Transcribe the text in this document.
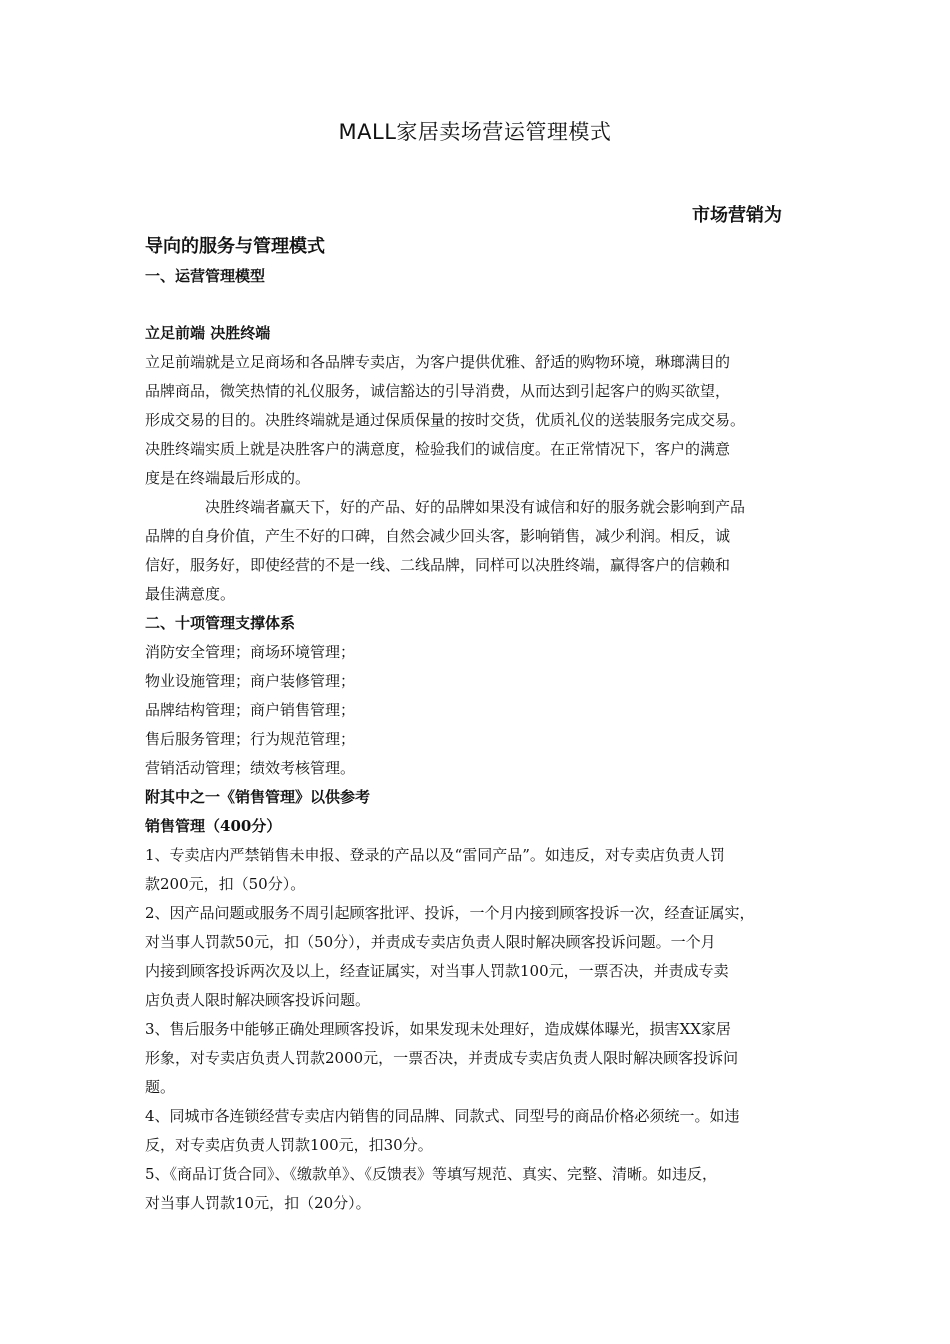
MALL家居卖场营运管理模式
市场营销为
导向的服务与管理模式
一、运营管理模型
立足前端 决胜终端
立足前端就是立足商场和各品牌专卖店，为客户提供优雅、舒适的购物环境，琳瑯满目的
品牌商品，微笑热情的礼仪服务，诚信豁达的引导消费，从而达到引起客户的购买欲望，
形成交易的目的。决胜终端就是通过保质保量的按时交货，优质礼仪的送装服务完成交易。
决胜终端实质上就是决胜客户的满意度，检验我们的诚信度。在正常情况下，客户的满意
度是在终端最后形成的。
决胜终端者赢天下，好的产品、好的品牌如果没有诚信和好的服务就会影响到产品
品牌的自身价值，产生不好的口碑，自然会减少回头客，影响销售，减少利润。相反，诚
信好，服务好，即使经营的不是一线、二线品牌，同样可以决胜终端，赢得客户的信赖和
最佳满意度。
二、十项管理支撑体系
消防安全管理；商场环境管理；
物业设施管理；商户装修管理；
品牌结构管理；商户销售管理；
售后服务管理；行为规范管理；
营销活动管理；绩效考核管理。
附其中之一《销售管理》以供参考
销售管理（400分）
1、专卖店内严禁销售未申报、登录的产品以及“雷同产品”。如违反，对专卖店负责人罚
款200元，扣（50分）。
2、因产品问题或服务不周引起顾客批评、投诉，一个月内接到顾客投诉一次，经查证属实，
对当事人罚款50元，扣（50分），并责成专卖店负责人限时解决顾客投诉问题。一个月
内接到顾客投诉两次及以上，经查证属实，对当事人罚款100元，一票否决，并责成专卖
店负责人限时解决顾客投诉问题。
3、售后服务中能够正确处理顾客投诉，如果发现未处理好，造成媒体曝光，损害XX家居
形象，对专卖店负责人罚款2000元，一票否决，并责成专卖店负责人限时解决顾客投诉问
题。
4、同城市各连锁经营专卖店内销售的同品牌、同款式、同型号的商品价格必须统一。如违
反，对专卖店负责人罚款100元，扣30分。
5、《商品订货合同》、《缴款单》、《反馈表》等填写规范、真实、完整、清晰。如违反，
对当事人罚款10元，扣（20分）。
